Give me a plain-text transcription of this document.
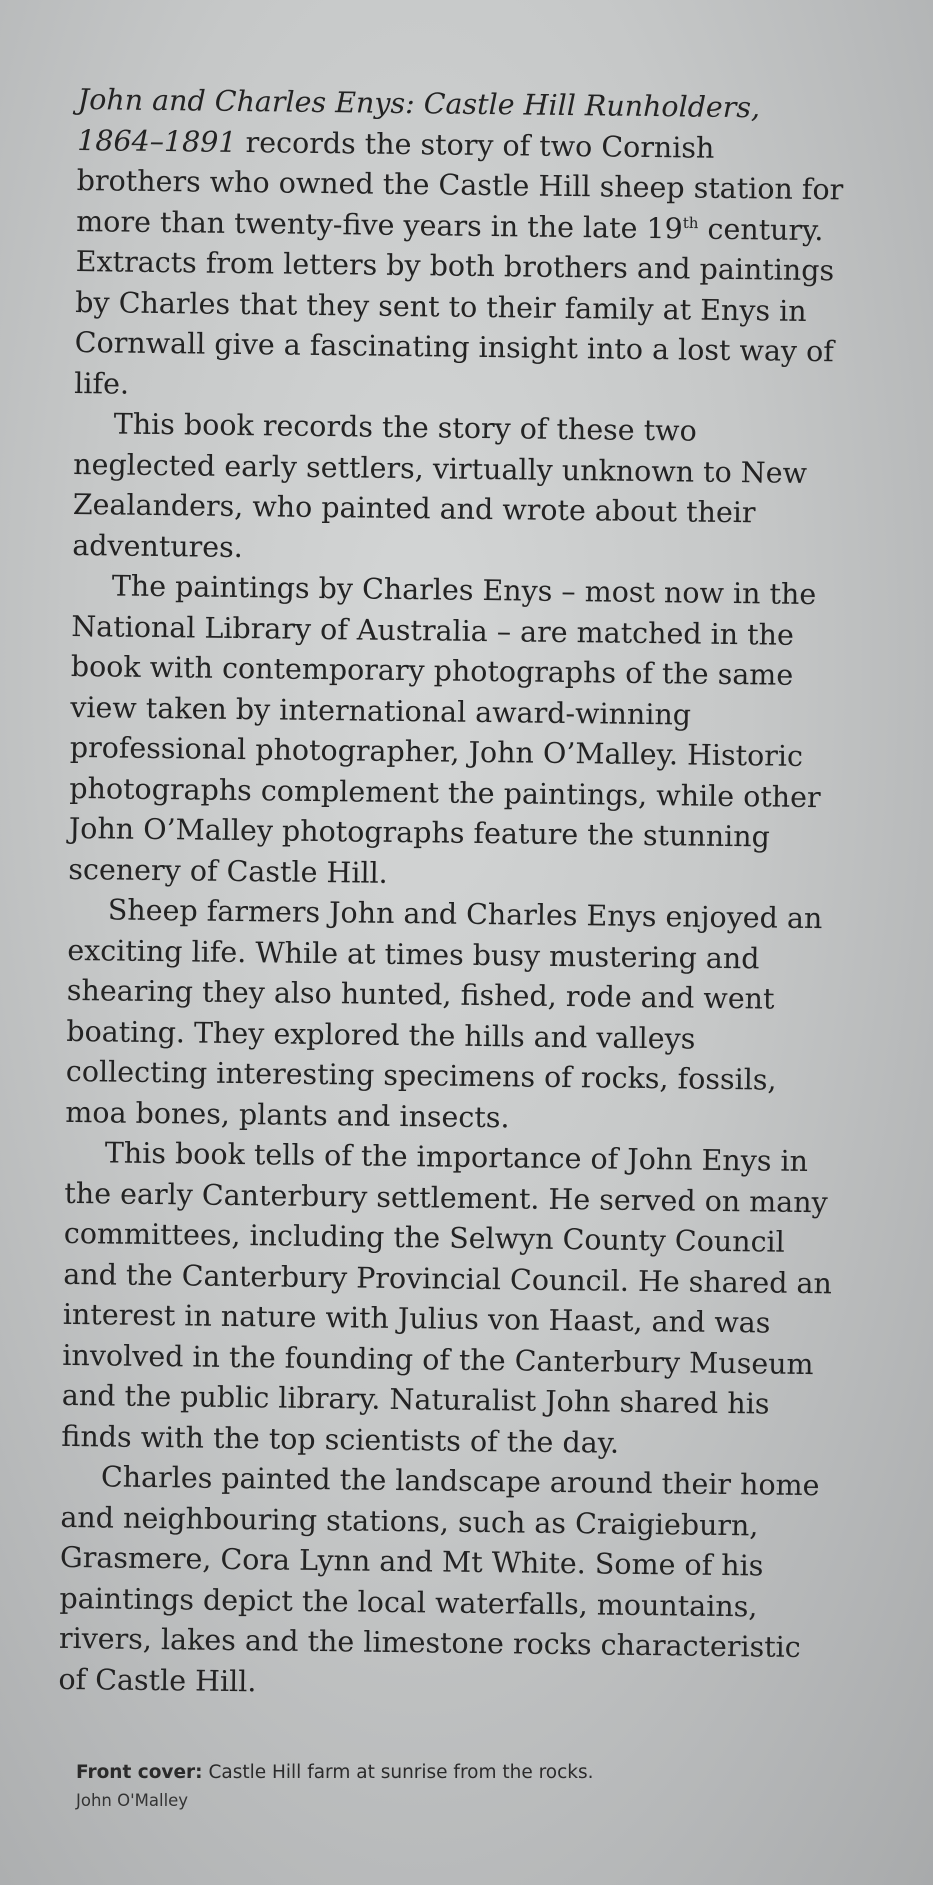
John and Charles Enys: Castle Hill Runholders, 1864–1891 records the story of two Cornish brothers who owned the Castle Hill sheep station for more than twenty-five years in the late 19th century. Extracts from letters by both brothers and paintings by Charles that they sent to their family at Enys in Cornwall give a fascinating insight into a lost way of life.

This book records the story of these two neglected early settlers, virtually unknown to New Zealanders, who painted and wrote about their adventures.

The paintings by Charles Enys – most now in the National Library of Australia – are matched in the book with contemporary photographs of the same view taken by international award-winning professional photographer, John O’Malley. Historic photographs complement the paintings, while other John O’Malley photographs feature the stunning scenery of Castle Hill.

Sheep farmers John and Charles Enys enjoyed an exciting life. While at times busy mustering and shearing they also hunted, fished, rode and went boating. They explored the hills and valleys collecting interesting specimens of rocks, fossils, moa bones, plants and insects.

This book tells of the importance of John Enys in the early Canterbury settlement. He served on many committees, including the Selwyn County Council and the Canterbury Provincial Council. He shared an interest in nature with Julius von Haast, and was involved in the founding of the Canterbury Museum and the public library. Naturalist John shared his finds with the top scientists of the day.

Charles painted the landscape around their home and neighbouring stations, such as Craigieburn, Grasmere, Cora Lynn and Mt White. Some of his paintings depict the local waterfalls, mountains, rivers, lakes and the limestone rocks characteristic of Castle Hill.

Front cover: Castle Hill farm at sunrise from the rocks.
John O'Malley
